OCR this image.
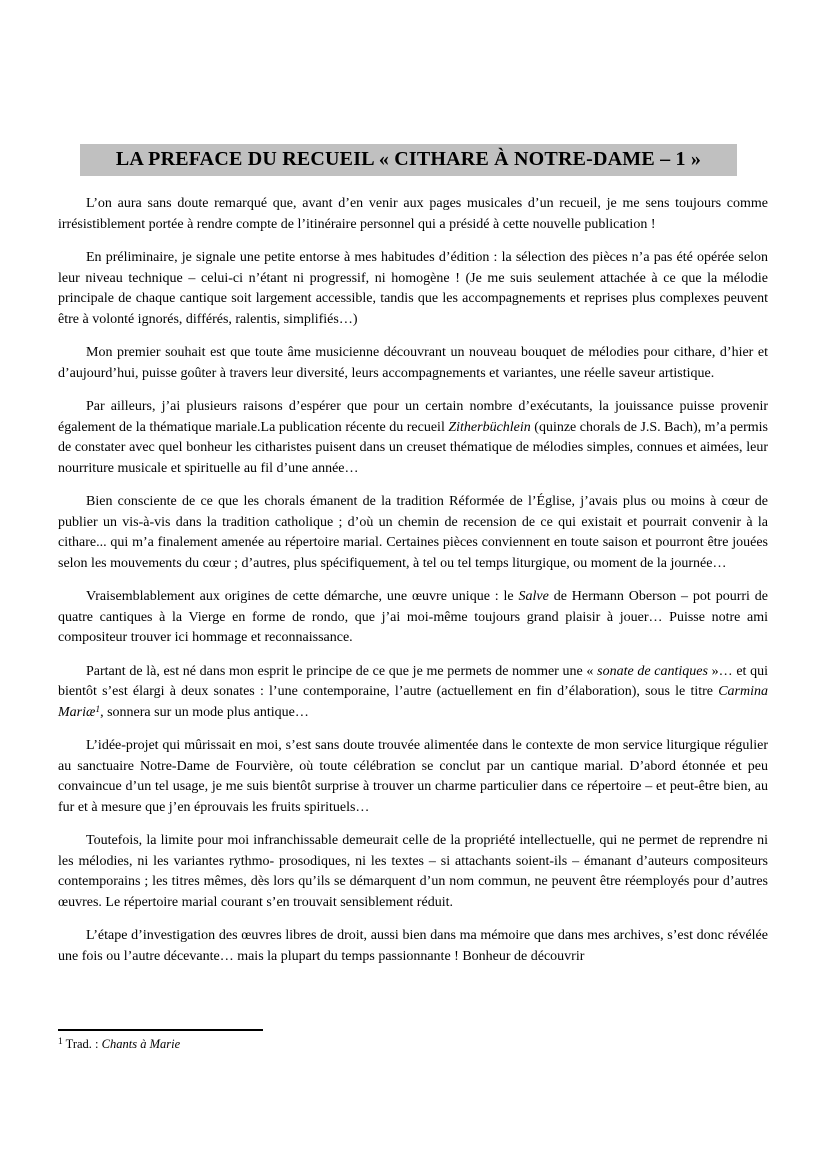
LA PREFACE DU RECUEIL « CITHARE À NOTRE-DAME – 1 »

L’on aura sans doute remarqué que, avant d’en venir aux pages musicales d’un recueil, je me sens toujours comme irrésistiblement portée à rendre compte de l’itinéraire personnel qui a présidé à cette nouvelle publication !

En préliminaire, je signale une petite entorse à mes habitudes d’édition : la sélection des pièces n’a pas été opérée selon leur niveau technique – celui-ci n’étant ni progressif, ni homogène ! (Je me suis seulement attachée à ce que la mélodie principale de chaque cantique soit largement accessible, tandis que les accompagnements et reprises plus complexes peuvent être à volonté ignorés, différés, ralentis, simplifiés…)

Mon premier souhait est que toute âme musicienne découvrant un nouveau bouquet de mélodies pour cithare, d’hier et d’aujourd’hui, puisse goûter à travers leur diversité, leurs accompagnements et variantes, une réelle saveur artistique.

Par ailleurs, j’ai plusieurs raisons d’espérer que pour un certain nombre d’exécutants, la jouissance puisse provenir également de la thématique mariale.La publication récente du recueil Zitherbüchlein (quinze chorals de J.S. Bach), m’a permis de constater avec quel bonheur les citharistes puisent dans un creuset thématique de mélodies simples, connues et aimées, leur nourriture musicale et spirituelle au fil d’une année…

Bien consciente de ce que les chorals émanent de la tradition Réformée de l’Église, j’avais plus ou moins à cœur de publier un vis-à-vis dans la tradition catholique ; d’où un chemin de recension de ce qui existait et pourrait convenir à la cithare... qui m’a finalement amenée au répertoire marial. Certaines pièces conviennent en toute saison et pourront être jouées selon les mouvements du cœur ; d’autres, plus spécifiquement, à tel ou tel temps liturgique, ou moment de la journée…

Vraisemblablement aux origines de cette démarche, une œuvre unique : le Salve de Hermann Oberson – pot pourri de quatre cantiques à la Vierge en forme de rondo, que j’ai moi-même toujours grand plaisir à jouer… Puisse notre ami compositeur trouver ici hommage et reconnaissance.

Partant de là, est né dans mon esprit le principe de ce que je me permets de nommer une « sonate de cantiques »… et qui bientôt s’est élargi à deux sonates : l’une contemporaine, l’autre (actuellement en fin d’élaboration), sous le titre Carmina Mariæ$^1$, sonnera sur un mode plus antique…

L’idée-projet qui mûrissait en moi, s’est sans doute trouvée alimentée dans le contexte de mon service liturgique régulier au sanctuaire Notre-Dame de Fourvière, où toute célébration se conclut par un cantique marial. D’abord étonnée et peu convaincue d’un tel usage, je me suis bientôt surprise à trouver un charme particulier dans ce répertoire – et peut-être bien, au fur et à mesure que j’en éprouvais les fruits spirituels…

Toutefois, la limite pour moi infranchissable demeurait celle de la propriété intellectuelle, qui ne permet de reprendre ni les mélodies, ni les variantes rythmo- prosodiques, ni les textes – si attachants soient-ils – émanant d’auteurs compositeurs contemporains ; les titres mêmes, dès lors qu’ils se démarquent d’un nom commun, ne peuvent être réemployés pour d’autres œuvres. Le répertoire marial courant s’en trouvait sensiblement réduit.

L’étape d’investigation des œuvres libres de droit, aussi bien dans ma mémoire que dans mes archives, s’est donc révélée une fois ou l’autre décevante… mais la plupart du temps passionnante ! Bonheur de découvrir

$^1$ Trad. : Chants à Marie
